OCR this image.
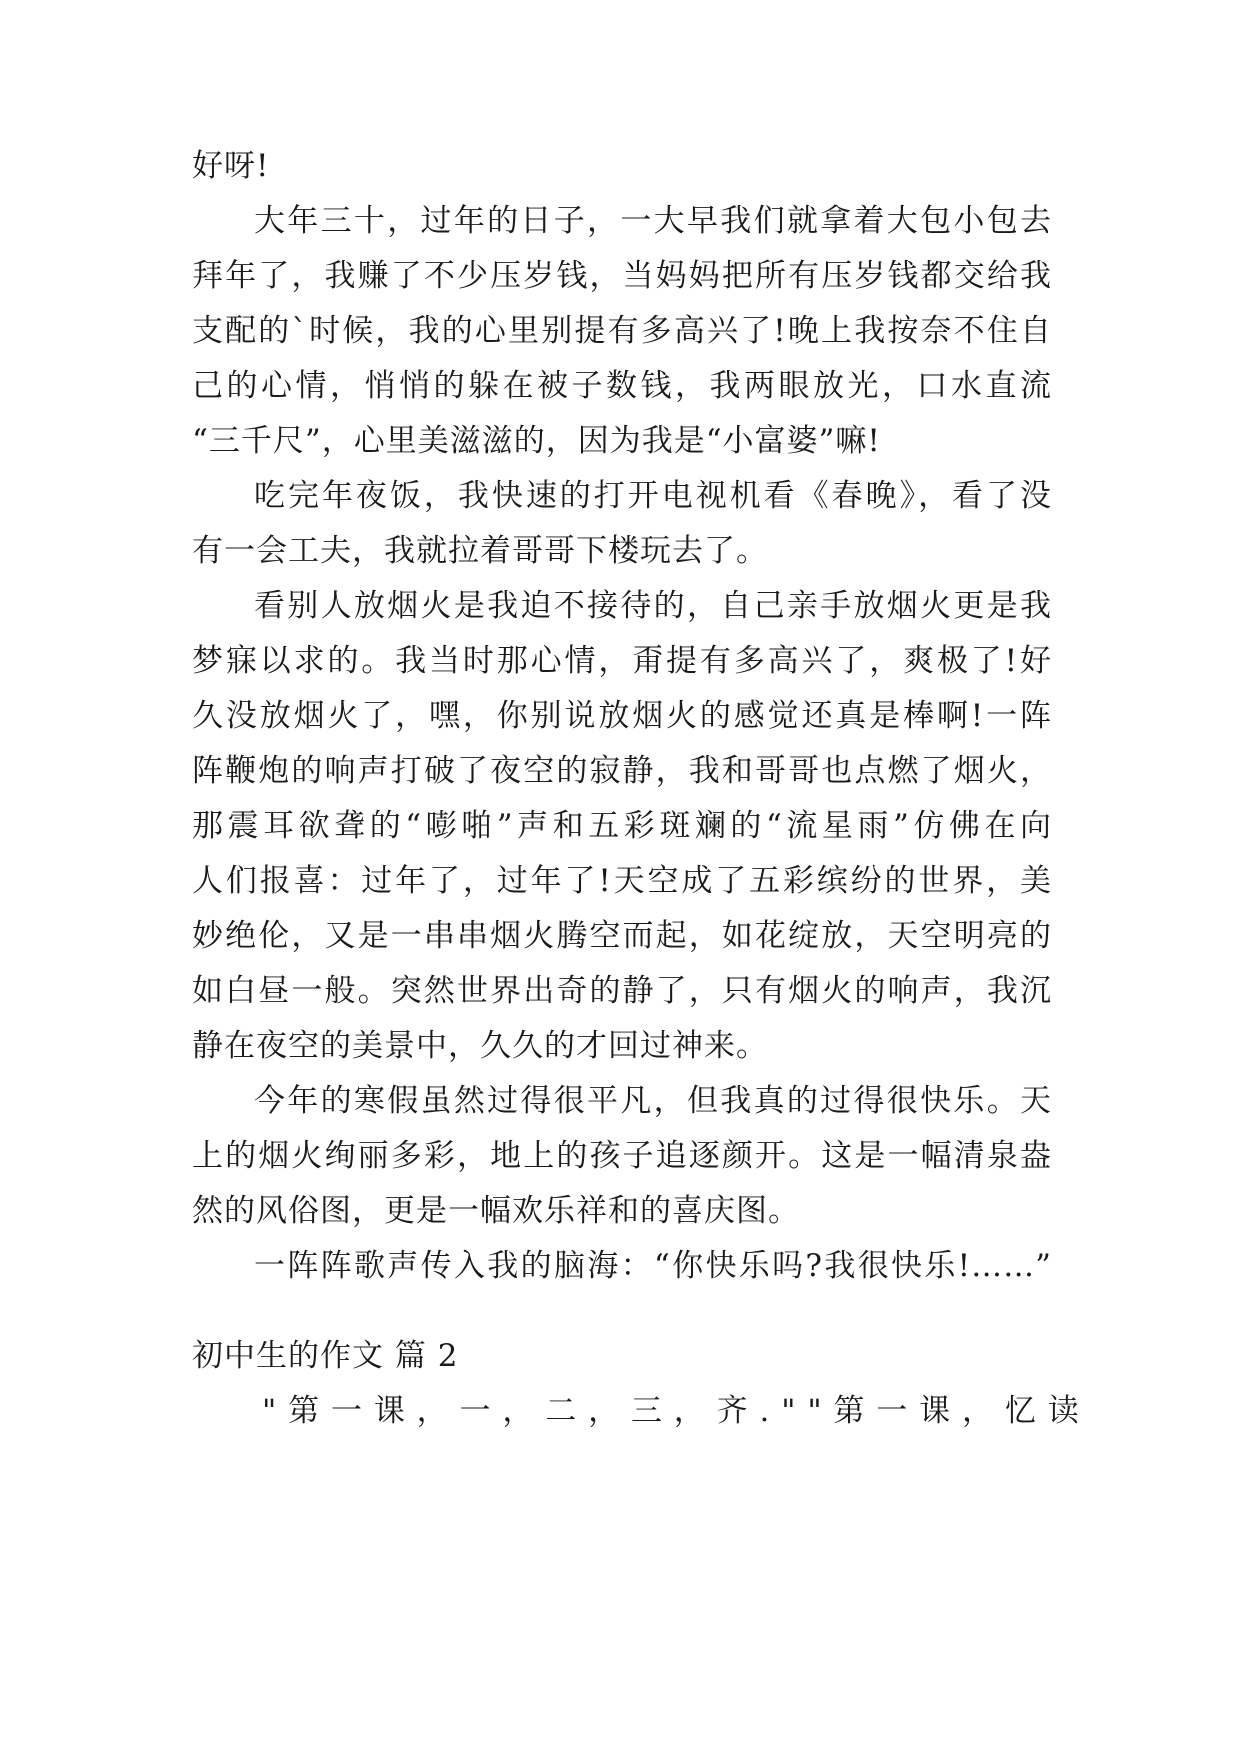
好呀!
大年三十，过年的日子，一大早我们就拿着大包小包去
拜年了，我赚了不少压岁钱，当妈妈把所有压岁钱都交给我
支配的`时候，我的心里别提有多高兴了!晚上我按奈不住自
己的心情，悄悄的躲在被子数钱，我两眼放光，口水直流
“三千尺”，心里美滋滋的，因为我是“小富婆”嘛!
吃完年夜饭，我快速的打开电视机看《春晚》，看了没
有一会工夫，我就拉着哥哥下楼玩去了。
看别人放烟火是我迫不接待的，自己亲手放烟火更是我
梦寐以求的。我当时那心情，甭提有多高兴了，爽极了!好
久没放烟火了，嘿，你别说放烟火的感觉还真是棒啊!一阵
阵鞭炮的响声打破了夜空的寂静，我和哥哥也点燃了烟火，
那震耳欲聋的“嘭啪”声和五彩斑斓的“流星雨”仿佛在向
人们报喜：过年了，过年了!天空成了五彩缤纷的世界，美
妙绝伦，又是一串串烟火腾空而起，如花绽放，天空明亮的
如白昼一般。突然世界出奇的静了，只有烟火的响声，我沉
静在夜空的美景中，久久的才回过神来。
今年的寒假虽然过得很平凡，但我真的过得很快乐。天
上的烟火绚丽多彩，地上的孩子追逐颜开。这是一幅清泉盎
然的风俗图，更是一幅欢乐祥和的喜庆图。
一阵阵歌声传入我的脑海：“你快乐吗?我很快乐!……”
初中生的作文 篇 2
" 第 一 课 ， 一 ， 二 ， 三 ， 齐 . " " 第 一 课 ， 忆 读
